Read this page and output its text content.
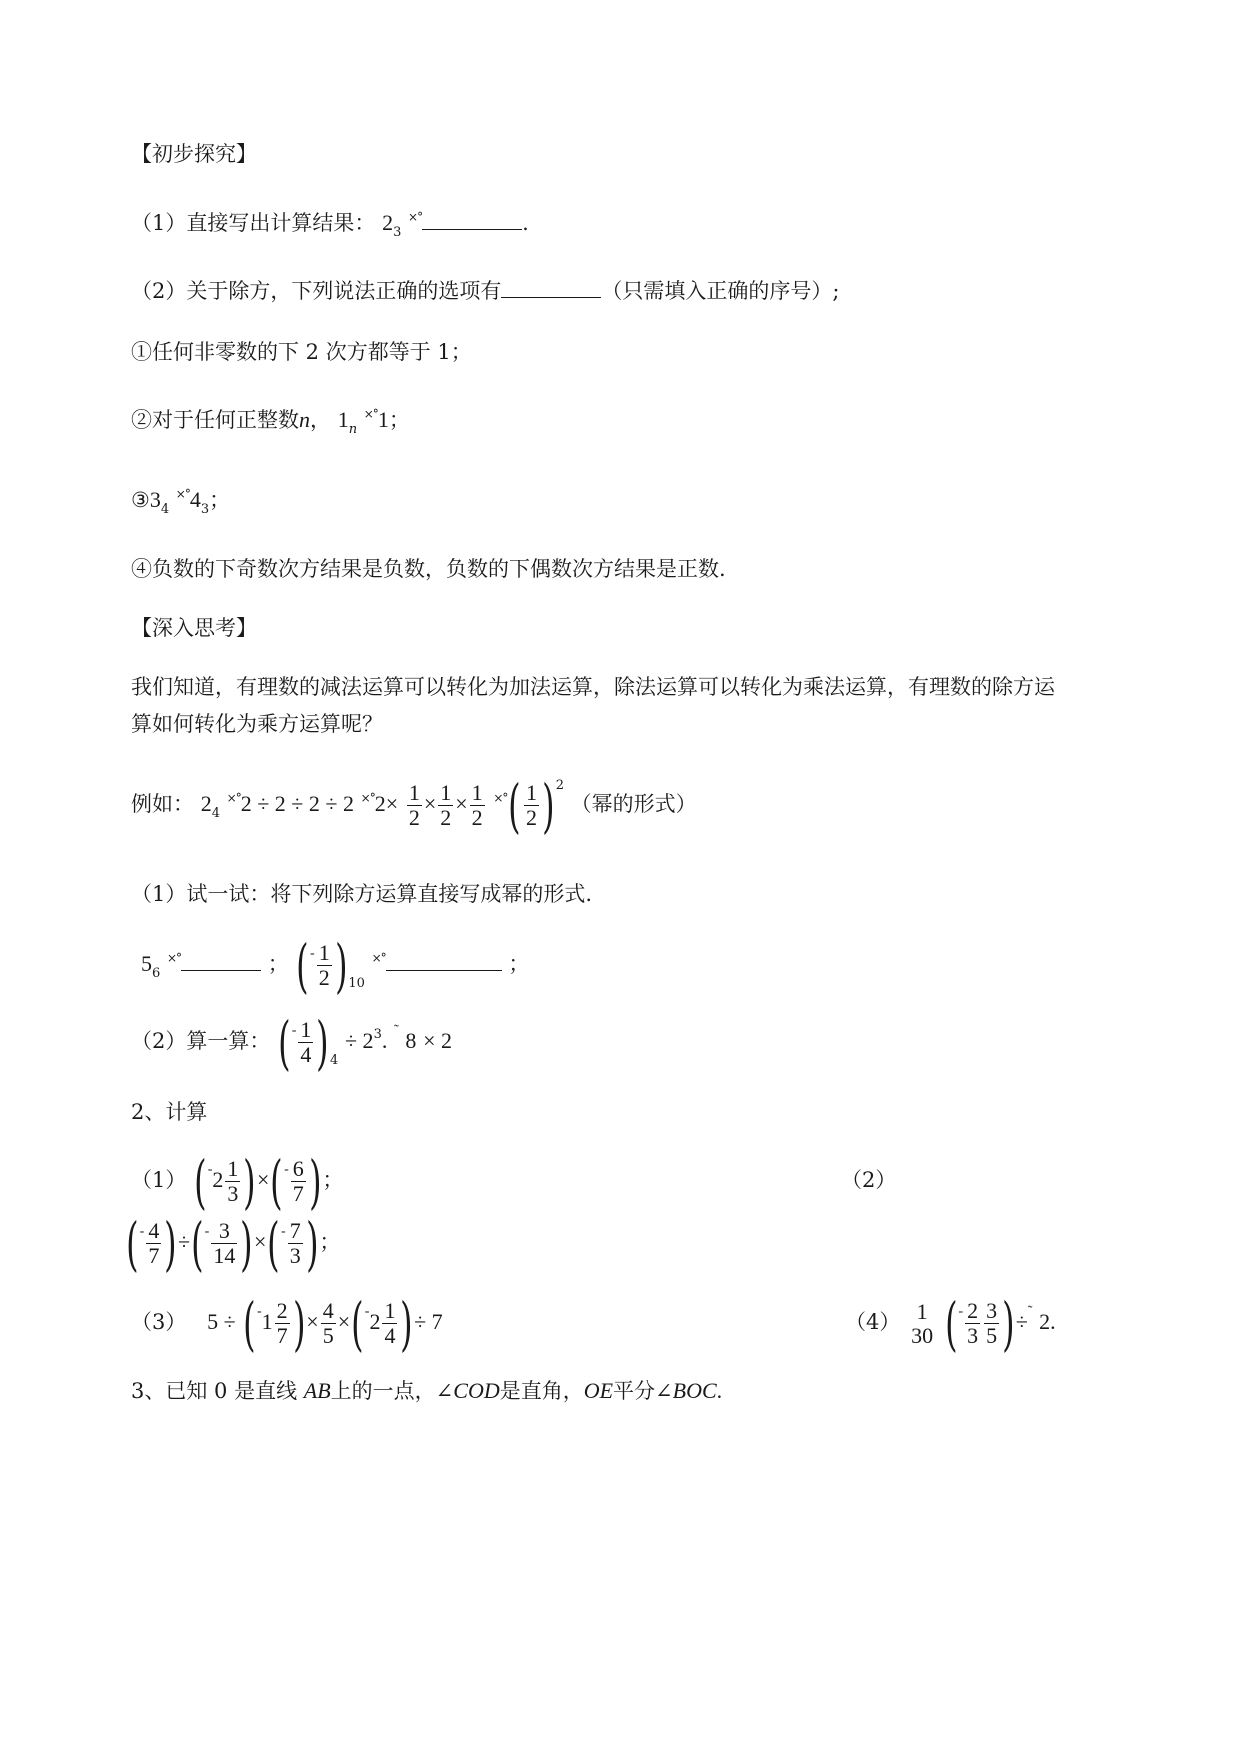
【初步探究】
（1）直接写出计算结果： $2_3$ ×°	.
（2）关于除方，下列说法正确的选项有	（只需填入正确的序号）;
①任何非零数的下 2 次方都等于 1；
②对于任何正整数n， $1_n$ ×°1；
$③3_4$ $^{\times^\circ}4_3$；
④负数的下奇数次方结果是负数，负数的下偶数次方结果是正数.
【深入思考】
我们知道，有理数的减法运算可以转化为加法运算，除法运算可以转化为乘法运算，有理数的除方运
算如何转化为乘方运算呢？
例如： $2_4$ ×°2 ÷ 2 ÷ 2 ÷ 2 $^{\times^\circ}2\times \frac{1}{2} \times \frac{1}{2} \times \frac{1}{2} ^{\times^\circ}( \frac{1}{2} )^2$ （幂的形式）
（1）试一试：将下列除方运算直接写成幂的形式.
$5_6$ ×°	； $(^- \frac{1}{2} )_{10}$ ×°	；
（2）算一算： $(^- \frac{1}{4} )_4 \div 2^3$. ˜ 8 × 2
2、计算
（1） $(^-2 \frac{1}{3} )\times(^- \frac{6}{7}$ )；	（2）
$(^- \frac{4}{7} )\div(^- \frac{3}{14} )\times(^- \frac{7}{3}$ )；
（3） $5 \div (^-1 \frac{2}{7}$ )× $\frac{4}{5} \times(^-2 \frac{1}{4}$ )÷ 7	（4） 1
30 $(^- \frac{2}{3} \frac{3}{5} )\div^˜$ 2.
3、已知 0 是直线 AB上的一点，∠COD是直角，OE平分∠BOC.
